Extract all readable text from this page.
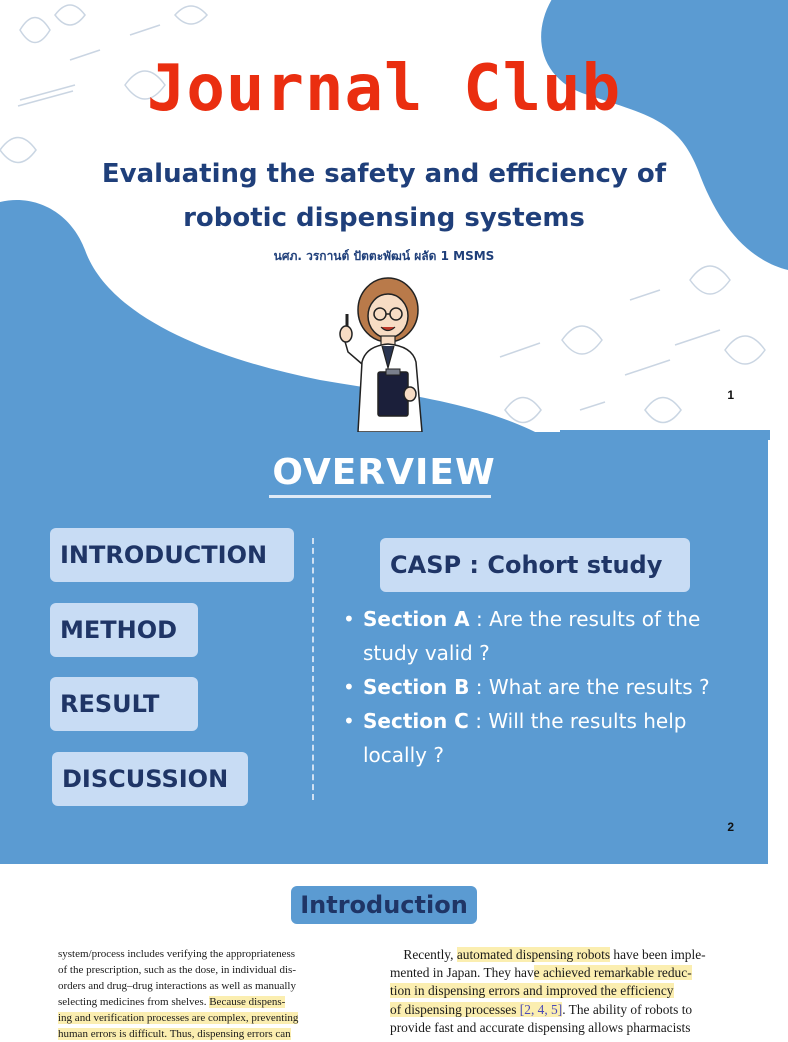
Journal Club
Evaluating the safety and efficiency of
robotic dispensing systems
นศภ. วรกานต์ ปัตตะพัฒน์ ผลัด 1 MSMS
1
OVERVIEW
INTRODUCTION
METHOD
RESULT
DISCUSSION
CASP : Cohort study
• Section A : Are the results of the
study valid ?
• Section B : What are the results ?
• Section C : Will the results help
locally ?
2
Introduction
system/process includes verifying the appropriateness
of the prescription, such as the dose, in individual dis-
orders and drug–drug interactions as well as manually
selecting medicines from shelves. Because dispens-
ing and verification processes are complex, preventing
human errors is difficult. Thus, dispensing errors can
Recently, automated dispensing robots have been imple-
mented in Japan. They have achieved remarkable reduc-
tion in dispensing errors and improved the efficiency
of dispensing processes [2, 4, 5]. The ability of robots to
provide fast and accurate dispensing allows pharmacists
